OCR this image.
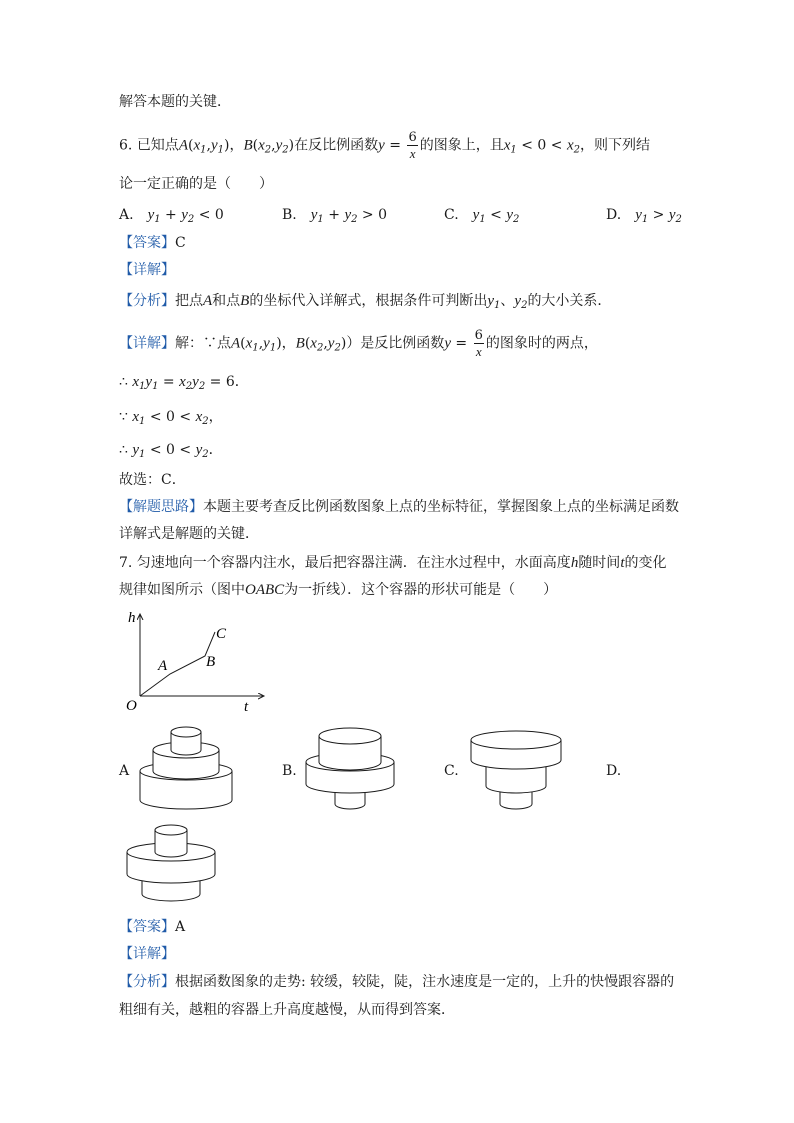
解答本题的关键．
6. 已知点$A(x_1,y_1)$，$B(x_2,y_2)$在反比例函数$y = \frac{6}{x}$ 的图象上，且$x_1 < 0 < x_2$，则下列结
论一定正确的是（　　）
A.　 $y_1 + y_2 < 0$	B.　 $y_1 + y_2 > 0$	C.　 $y_1 < y_2$	D.　 $y_1 > y_2$
【答案】C
【详解】
【分析】把点A和点B的坐标代入详解式，根据条件可判断出$y_1$、$y_2$的大小关系．
【详解】解：∵点$A(x_1,y_1)$，$B(x_2,y_2)$）是反比例函数$y = \frac{6}{x}$ 的图象时的两点，
∴ $x_1y_1 = x_2y_2 = 6$．
∵ $x_1 < 0 < x_2$，
∴ $y_1 < 0 < y_2$．
故选：C．
【解题思路】本题主要考查反比例函数图象上点的坐标特征，掌握图象上点的坐标满足函数
详解式是解题的关键．
7. 匀速地向一个容器内注水，最后把容器注满．在注水过程中，水面高度h随时间t的变化
规律如图所示（图中OABC为一折线）．这个容器的形状可能是（　　）
h
t
O
A	B
C
A	B.	C.	D.
【答案】A
【详解】
【分析】根据函数图象的走势: 较缓，较陡，陡，注水速度是一定的，上升的快慢跟容器的
粗细有关，越粗的容器上升高度越慢，从而得到答案．
